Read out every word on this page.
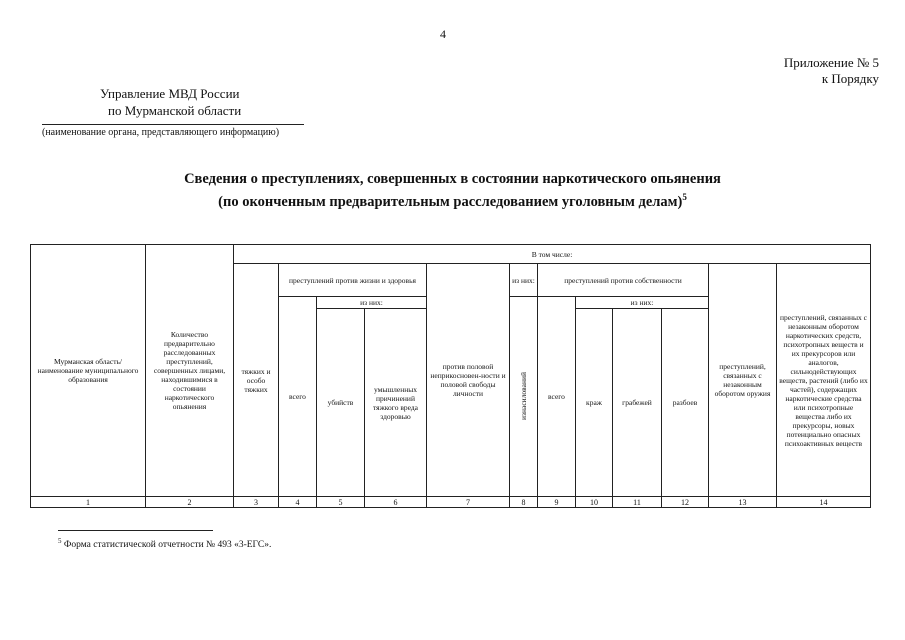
4
Приложение № 5
к Порядку
Управление МВД России
по Мурманской области
(наименование органа, представляющего информацию)
Сведения о преступлениях, совершенных в состоянии наркотического опьянения
(по оконченным предварительным расследованием уголовным делам)$^5$
Мурманская область/наименование муниципального образования	Количество предварительно расследованных преступлений, совершенных лицами, находившимися в состоянии наркотического опьянения	В том числе:											
		тяжких и особо тяжких	преступлений против жизни и здоровья			против половой неприкосновен-ности и половой свободы личности	из них:	преступлений против собственности				преступлений, связанных с незаконным оборотом оружия	преступлений, связанных с незаконным оборотом наркотических средств, психотропных веществ и их прекурсоров или аналогов, сильнодействующих веществ, растений (либо их частей), содержащих наркотические средства или психотропные вещества либо их прекурсоры, новых потенциально опасных психоактивных веществ
			всего	из них:			изнасилований	всего	из них:				
				убийств	умышленных причинений тяжкого вреда здоровью				краж	грабежей	разбоев		
1	2	3	4	5	6	7	8	9	10	11	12	13	14
$^5$ Форма статистической отчетности № 493 «3-ЕГС».
